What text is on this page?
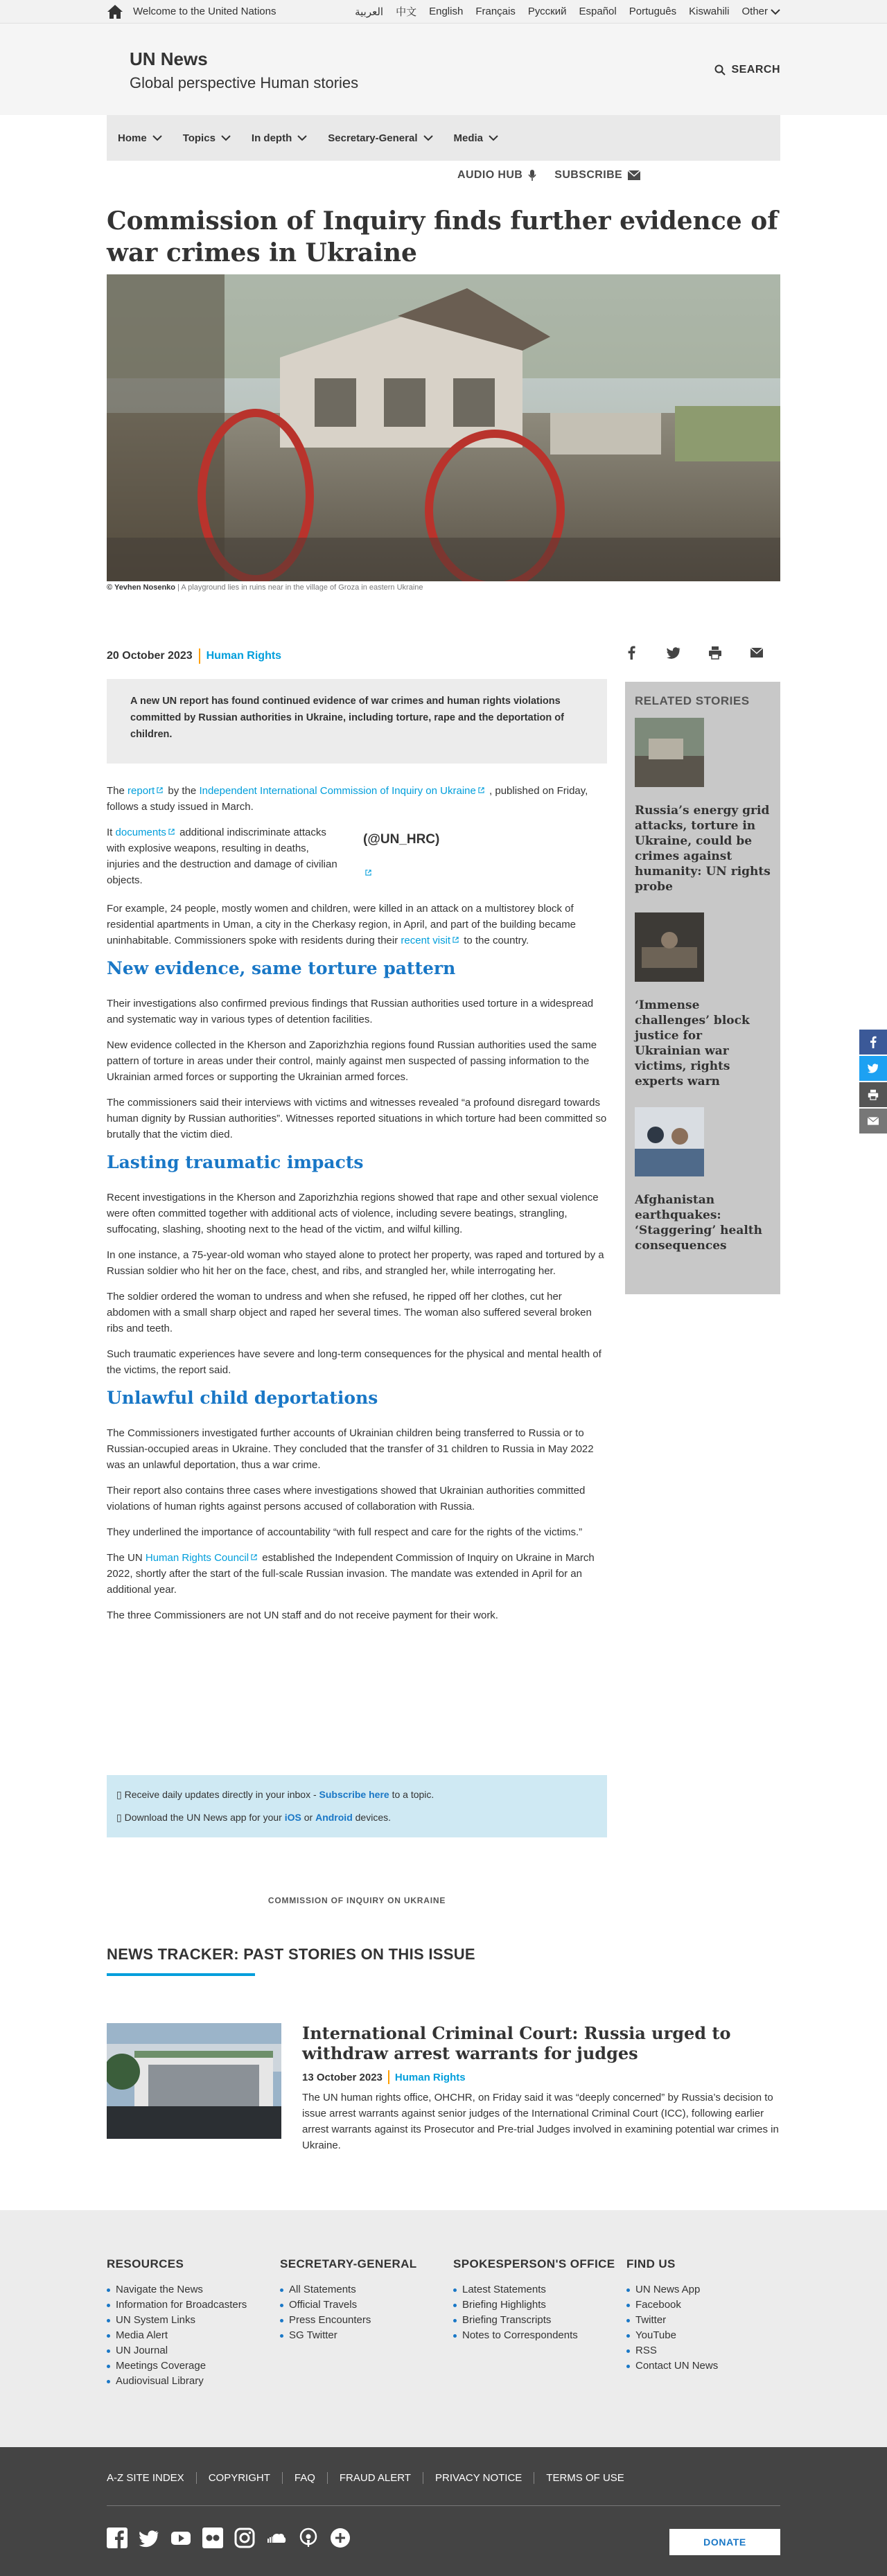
Welcome to the United Nations	العربية 中文 English Français Русский Español Português Kiswahili Other
UN News
Global perspective Human stories
SEARCH
Home	Topics	In depth	Secretary-General	Media
AUDIO HUB	SUBSCRIBE
Commission of Inquiry finds further evidence of war crimes in Ukraine
© Yevhen Nosenko | A playground lies in ruins near in the village of Groza in eastern Ukraine
20 October 2023 Human Rights
A new UN report has found continued evidence of war crimes and human rights violations committed by Russian authorities in Ukraine, including torture, rape and the deportation of children.

The report by the Independent International Commission of Inquiry on Ukraine , published on Friday, follows a study issued in March.

It documents additional indiscriminate attacks with explosive weapons, resulting in deaths, injuries and the destruction and damage of civilian objects.
(@UN_HRC)

For example, 24 people, mostly women and children, were killed in an attack on a multistorey block of residential apartments in Uman, a city in the Cherkasy region, in April, and part of the building became uninhabitable. Commissioners spoke with residents during their recent visit to the country.

New evidence, same torture pattern

Their investigations also confirmed previous findings that Russian authorities used torture in a widespread and systematic way in various types of detention facilities.

New evidence collected in the Kherson and Zaporizhzhia regions found Russian authorities used the same pattern of torture in areas under their control, mainly against men suspected of passing information to the Ukrainian armed forces or supporting the Ukrainian armed forces.

The commissioners said their interviews with victims and witnesses revealed “a profound disregard towards human dignity by Russian authorities”. Witnesses reported situations in which torture had been committed so brutally that the victim died.

Lasting traumatic impacts

Recent investigations in the Kherson and Zaporizhzhia regions showed that rape and other sexual violence were often committed together with additional acts of violence, including severe beatings, strangling, suffocating, slashing, shooting next to the head of the victim, and wilful killing.

In one instance, a 75-year-old woman who stayed alone to protect her property, was raped and tortured by a Russian soldier who hit her on the face, chest, and ribs, and strangled her, while interrogating her.

The soldier ordered the woman to undress and when she refused, he ripped off her clothes, cut her abdomen with a small sharp object and raped her several times. The woman also suffered several broken ribs and teeth.

Such traumatic experiences have severe and long-term consequences for the physical and mental health of the victims, the report said.

Unlawful child deportations

The Commissioners investigated further accounts of Ukrainian children being transferred to Russia or to Russian-occupied areas in Ukraine. They concluded that the transfer of 31 children to Russia in May 2022 was an unlawful deportation, thus a war crime.

Their report also contains three cases where investigations showed that Ukrainian authorities committed violations of human rights against persons accused of collaboration with Russia.

They underlined the importance of accountability “with full respect and care for the rights of the victims.”

The UN Human Rights Council established the Independent Commission of Inquiry on Ukraine in March 2022, shortly after the start of the full-scale Russian invasion. The mandate was extended in April for an additional year.

The three Commissioners are not UN staff and do not receive payment for their work.

RELATED STORIES
Russia’s energy grid attacks, torture in Ukraine, could be crimes against humanity: UN rights probe
‘Immense challenges’ block justice for Ukrainian war victims, rights experts warn
Afghanistan earthquakes: ‘Staggering’ health consequences
▯ Receive daily updates directly in your inbox - Subscribe here to a topic.
▯ Download the UN News app for your iOS or Android devices.
COMMISSION OF INQUIRY ON UKRAINE
NEWS TRACKER: PAST STORIES ON THIS ISSUE
International Criminal Court: Russia urged to withdraw arrest warrants for judges
13 October 2023 Human Rights
The UN human rights office, OHCHR, on Friday said it was “deeply concerned” by Russia’s decision to issue arrest warrants against senior judges of the International Criminal Court (ICC), following earlier arrest warrants against its Prosecutor and Pre-trial Judges involved in examining potential war crimes in Ukraine.
RESOURCES
Navigate the News
Information for Broadcasters
UN System Links
Media Alert
UN Journal
Meetings Coverage
Audiovisual Library
SECRETARY-GENERAL
All Statements
Official Travels
Press Encounters
SG Twitter
SPOKESPERSON'S OFFICE
Latest Statements
Briefing Highlights
Briefing Transcripts
Notes to Correspondents
FIND US
UN News App
Facebook
Twitter
YouTube
RSS
Contact UN News
A-Z SITE INDEX	COPYRIGHT	FAQ	FRAUD ALERT	PRIVACY NOTICE	TERMS OF USE
DONATE
